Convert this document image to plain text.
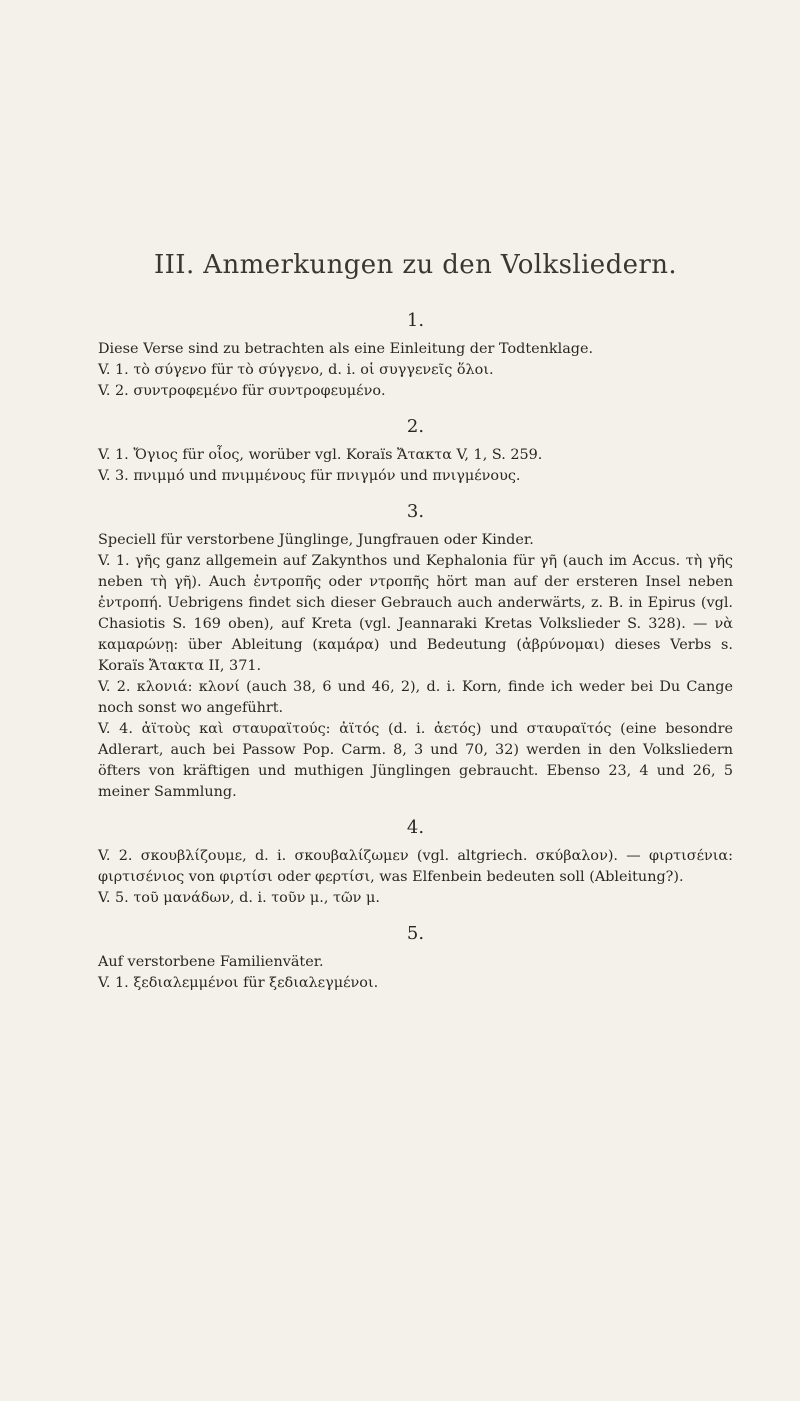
III. Anmerkungen zu den Volksliedern.
1.

Diese Verse sind zu betrachten als eine Einleitung der Todtenklage.

V. 1. τὸ σύγενο für τὸ σύγγενο, d. i. οἱ συγγενεῖς ὅλοι.

V. 2. συντροφεμένο für συντροφευμένο.

2.

V. 1. Ὄγιος für οἷος, worüber vgl. Koraïs Ἄτακτα V, 1, S. 259.

V. 3. πνιμμό und πνιμμένους für πνιγμόν und πνιγμένους.

3.

Speciell für verstorbene Jünglinge, Jungfrauen oder Kinder.

V. 1. γῆς ganz allgemein auf Zakynthos und Kephalonia für γῆ (auch im Accus. τὴ γῆς neben τὴ γῆ). Auch ἐντροπῆς oder ντροπῆς hört man auf der ersteren Insel neben ἐντροπή. Uebrigens findet sich dieser Gebrauch auch anderwärts, z. B. in Epirus (vgl. Chasiotis S. 169 oben), auf Kreta (vgl. Jeannaraki Kretas Volkslieder S. 328). — νὰ καμαρώνῃ: über Ableitung (καμάρα) und Bedeutung (ἀβρύνομαι) dieses Verbs s. Koraïs Ἄτακτα II, 371.

V. 2. κλονιά: κλονί (auch 38, 6 und 46, 2), d. i. Korn, finde ich weder bei Du Cange noch sonst wo angeführt.

V. 4. ἀϊτοὺς καὶ σταυραϊτούς: ἀϊτός (d. i. ἀετός) und σταυραϊτός (eine besondre Adlerart, auch bei Passow Pop. Carm. 8, 3 und 70, 32) werden in den Volksliedern öfters von kräftigen und muthigen Jünglingen gebraucht. Ebenso 23, 4 und 26, 5 meiner Sammlung.

4.

V. 2. σκουβλίζουμε, d. i. σκουβαλίζωμεν (vgl. altgriech. σκύβαλον). — φιρτισένια: φιρτισένιος von φιρτίσι oder φερτίσι, was Elfenbein bedeuten soll (Ableitung?).

V. 5. τοῦ μανάδων, d. i. τοῦν μ., τῶν μ.

5.

Auf verstorbene Familienväter.

V. 1. ξεδιαλεμμένοι für ξεδιαλεγμένοι.
